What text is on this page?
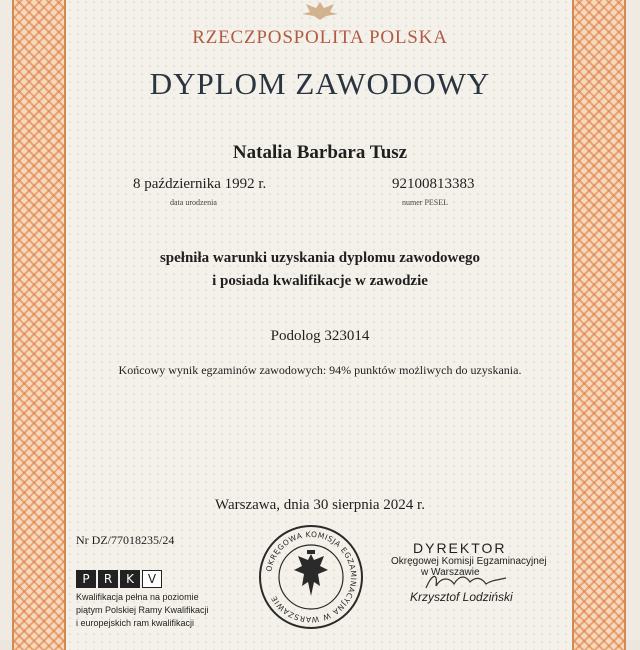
RZECZPOSPOLITA POLSKA
DYPLOM ZAWODOWY
Natalia Barbara Tusz
8 października 1992 r.
data urodzenia
92100813383
numer PESEL
spełniła warunki uzyskania dyplomu zawodowego
i posiada kwalifikacje w zawodzie
Podolog 323014
Końcowy wynik egzaminów zawodowych: 94% punktów możliwych do uzyskania.
Warszawa, dnia 30 sierpnia 2024 r.
Nr DZ/77018235/24
P	R	K	V
Kwalifikacja pełna na poziomie
piątym Polskiej Ramy Kwalifikacji
i europejskich ram kwalifikacji
OKRĘGOWA KOMISJA EGZAMINACYJNA W WARSZAWIE
DYREKTOR
Okręgowej Komisji Egzaminacyjnej
w Warszawie
Krzysztof Lodziński
